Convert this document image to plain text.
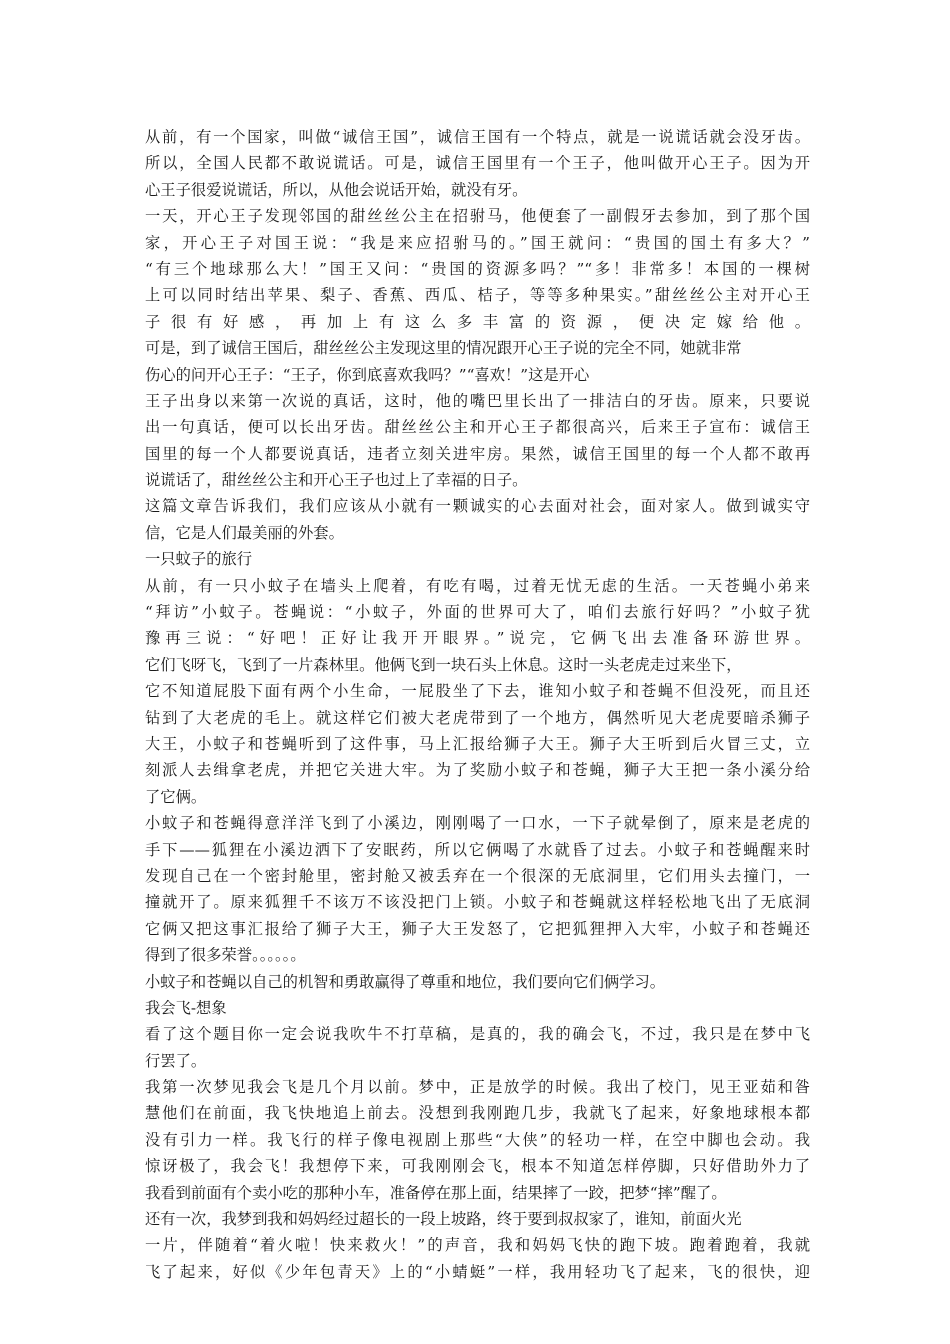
从前，有一个国家，叫做“诚信王国”，诚信王国有一个特点，就是一说谎话就会没牙齿。
所以，全国人民都不敢说谎话。可是，诚信王国里有一个王子，他叫做开心王子。因为开
心王子很爱说谎话，所以，从他会说话开始，就没有牙。
一天，开心王子发现邻国的甜丝丝公主在招驸马，他便套了一副假牙去参加，到了那个国
家，开心王子对国王说：“我是来应招驸马的。”国王就问：“贵国的国土有多大？”
“有三个地球那么大！”国王又问：“贵国的资源多吗？”“多！非常多！本国的一棵树
上可以同时结出苹果、梨子、香蕉、西瓜、桔子，等等多种果实。”甜丝丝公主对开心王
子很有好感，再加上有这么多丰富的资源，便决定嫁给他。
可是，到了诚信王国后，甜丝丝公主发现这里的情况跟开心王子说的完全不同，她就非常
伤心的问开心王子：“王子，你到底喜欢我吗？”“喜欢！”这是开心
王子出身以来第一次说的真话，这时，他的嘴巴里长出了一排洁白的牙齿。原来，只要说
出一句真话，便可以长出牙齿。甜丝丝公主和开心王子都很高兴，后来王子宣布：诚信王
国里的每一个人都要说真话，违者立刻关进牢房。果然，诚信王国里的每一个人都不敢再
说谎话了，甜丝丝公主和开心王子也过上了幸福的日子。
这篇文章告诉我们，我们应该从小就有一颗诚实的心去面对社会，面对家人。做到诚实守
信，它是人们最美丽的外套。
一只蚊子的旅行
从前，有一只小蚊子在墙头上爬着，有吃有喝，过着无忧无虑的生活。一天苍蝇小弟来
“拜访”小蚊子。苍蝇说：“小蚊子，外面的世界可大了，咱们去旅行好吗？”小蚊子犹
豫再三说：“好吧！正好让我开开眼界。”说完，它俩飞出去准备环游世界。
它们飞呀飞，飞到了一片森林里。他俩飞到一块石头上休息。这时一头老虎走过来坐下，
它不知道屁股下面有两个小生命，一屁股坐了下去，谁知小蚊子和苍蝇不但没死，而且还
钻到了大老虎的毛上。就这样它们被大老虎带到了一个地方，偶然听见大老虎要暗杀狮子
大王，小蚊子和苍蝇听到了这件事，马上汇报给狮子大王。狮子大王听到后火冒三丈，立
刻派人去缉拿老虎，并把它关进大牢。为了奖励小蚊子和苍蝇，狮子大王把一条小溪分给
了它俩。
小蚊子和苍蝇得意洋洋飞到了小溪边，刚刚喝了一口水，一下子就晕倒了，原来是老虎的
手下——狐狸在小溪边洒下了安眠药，所以它俩喝了水就昏了过去。小蚊子和苍蝇醒来时
发现自己在一个密封舱里，密封舱又被丢弃在一个很深的无底洞里，它们用头去撞门，一
撞就开了。原来狐狸千不该万不该没把门上锁。小蚊子和苍蝇就这样轻松地飞出了无底洞
它俩又把这事汇报给了狮子大王，狮子大王发怒了，它把狐狸押入大牢，小蚊子和苍蝇还
得到了很多荣誉。。。。。。
小蚊子和苍蝇以自己的机智和勇敢赢得了尊重和地位，我们要向它们俩学习。
我会飞-想象
看了这个题目你一定会说我吹牛不打草稿，是真的，我的确会飞，不过，我只是在梦中飞
行罢了。
我第一次梦见我会飞是几个月以前。梦中，正是放学的时候。我出了校门，见王亚茹和昝
慧他们在前面，我飞快地追上前去。没想到我刚跑几步，我就飞了起来，好象地球根本都
没有引力一样。我飞行的样子像电视剧上那些“大侠”的轻功一样，在空中脚也会动。我
惊讶极了，我会飞！我想停下来，可我刚刚会飞，根本不知道怎样停脚，只好借助外力了
我看到前面有个卖小吃的那种小车，准备停在那上面，结果摔了一跤，把梦“摔”醒了。
还有一次，我梦到我和妈妈经过超长的一段上坡路，终于要到叔叔家了，谁知，前面火光
一片，伴随着“着火啦！快来救火！”的声音，我和妈妈飞快的跑下坡。跑着跑着，我就
飞了起来，好似《少年包青天》上的“小蜻蜓”一样，我用轻功飞了起来，飞的很快，迎
